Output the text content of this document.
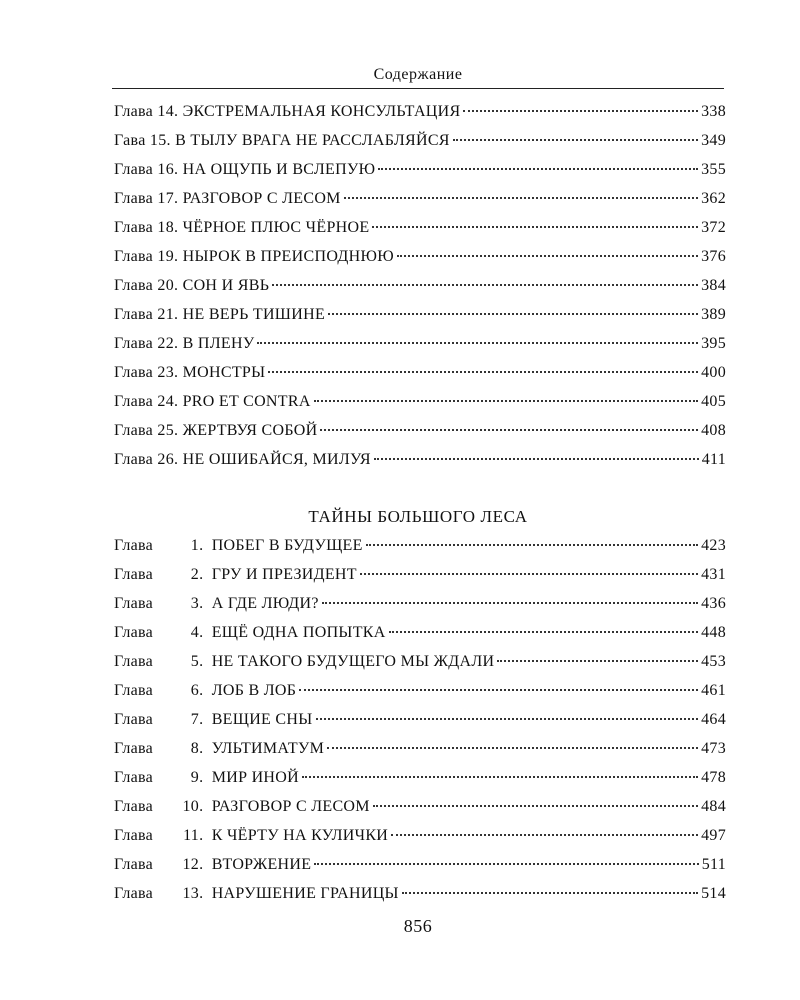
Содержание
Глава 14. ЭКСТРЕМАЛЬНАЯ КОНСУЛЬТАЦИЯ	338
Гава 15. В ТЫЛУ ВРАГА НЕ РАССЛАБЛЯЙСЯ	349
Глава 16. НА ОЩУПЬ И ВСЛЕПУЮ	355
Глава 17. РАЗГОВОР С ЛЕСОМ	362
Глава 18. ЧЁРНОЕ ПЛЮС ЧЁРНОЕ	372
Глава 19. НЫРОК В ПРЕИСПОДНЮЮ	376
Глава 20. СОН И ЯВЬ	384
Глава 21. НЕ ВЕРЬ ТИШИНЕ	389
Глава 22. В ПЛЕНУ	395
Глава 23. МОНСТРЫ	400
Глава 24. PRO ET CONTRA	405
Глава 25. ЖЕРТВУЯ СОБОЙ	408
Глава 26. НЕ ОШИБАЙСЯ, МИЛУЯ	411
ТАЙНЫ БОЛЬШОГО ЛЕСА
Глава 1. ПОБЕГ В БУДУЩЕЕ	423
Глава 2. ГРУ И ПРЕЗИДЕНТ	431
Глава 3. А ГДЕ ЛЮДИ?	436
Глава 4. ЕЩЁ ОДНА ПОПЫТКА	448
Глава 5. НЕ ТАКОГО БУДУЩЕГО МЫ ЖДАЛИ	453
Глава 6. ЛОБ В ЛОБ	461
Глава 7. ВЕЩИЕ СНЫ	464
Глава 8. УЛЬТИМАТУМ	473
Глава 9. МИР ИНОЙ	478
Глава 10. РАЗГОВОР С ЛЕСОМ	484
Глава 11. К ЧЁРТУ НА КУЛИЧКИ	497
Глава 12. ВТОРЖЕНИЕ	511
Глава 13. НАРУШЕНИЕ ГРАНИЦЫ	514
856
